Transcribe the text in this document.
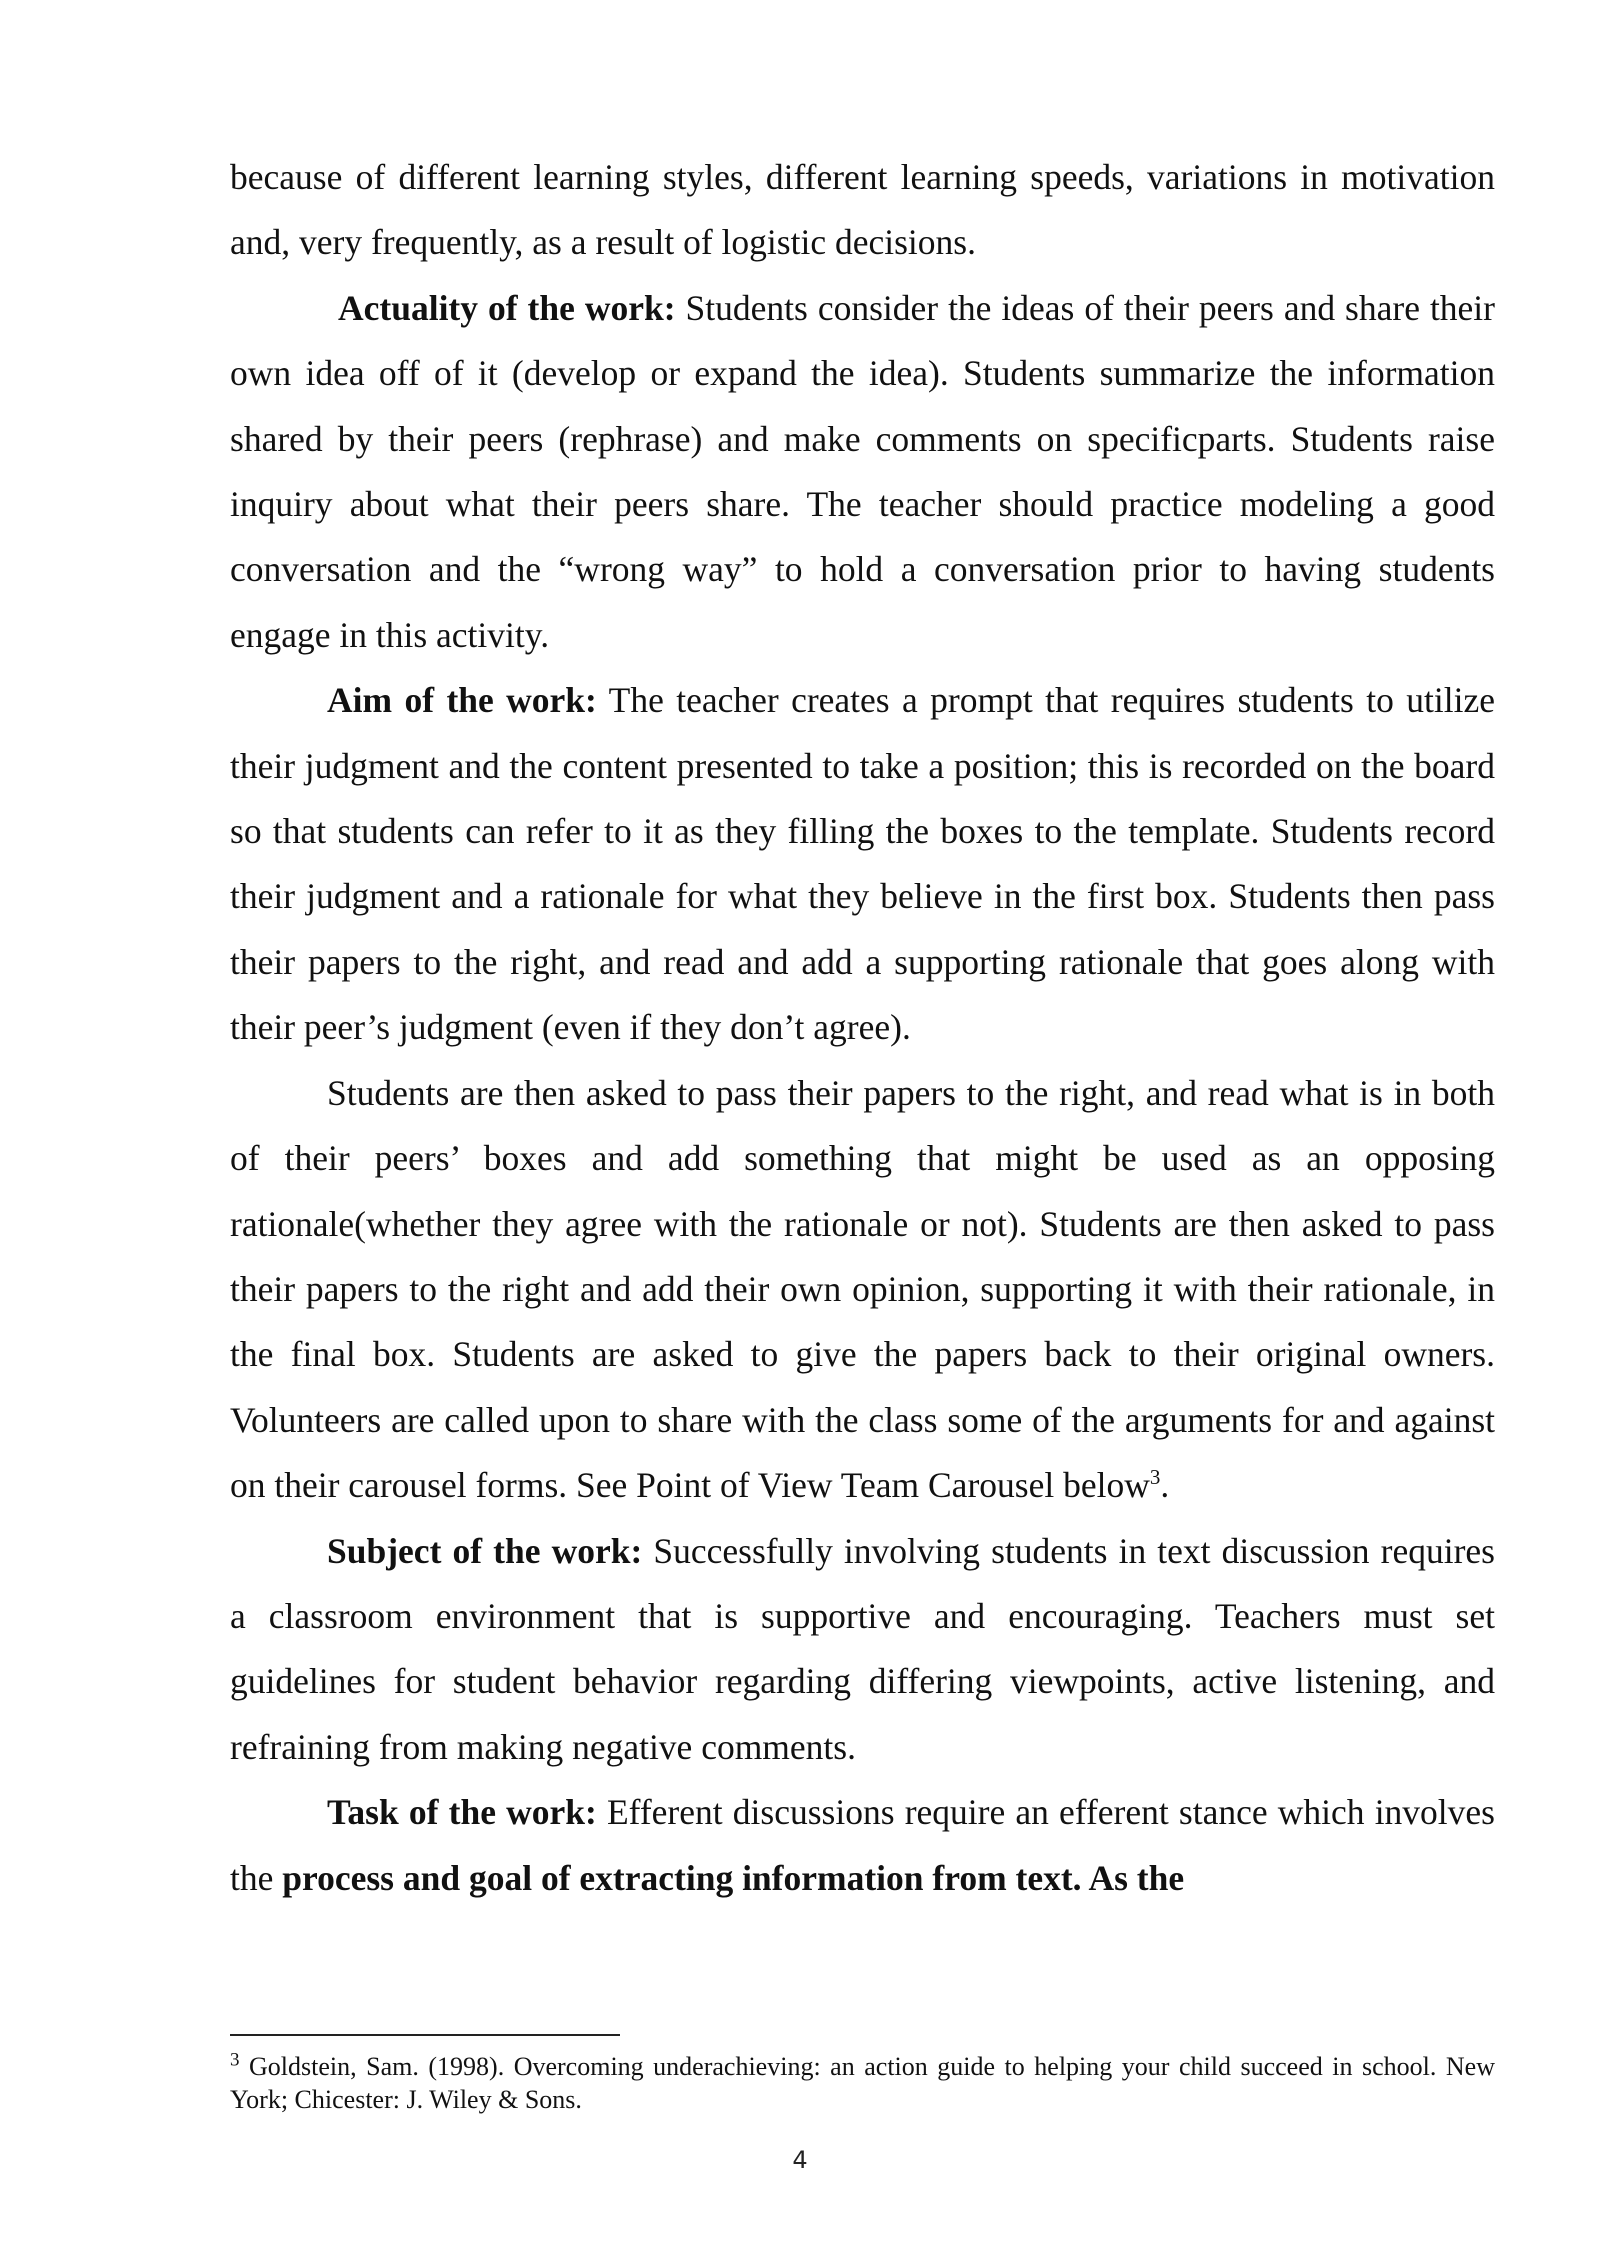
because of different learning styles, different learning speeds, variations in motivation and, very frequently, as a result of logistic decisions.

Actuality of the work: Students consider the ideas of their peers and share their own idea off of it (develop or expand the idea). Students summarize the information shared by their peers (rephrase) and make comments on specificparts. Students raise inquiry about what their peers share. The teacher should practice modeling a good conversation and the “wrong way” to hold a conversation prior to having students engage in this activity.

Aim of the work: The teacher creates a prompt that requires students to utilize their judgment and the content presented to take a position; this is recorded on the board so that students can refer to it as they filling the boxes to the template. Students record their judgment and a rationale for what they believe in the first box. Students then pass their papers to the right, and read and add a supporting rationale that goes along with their peer’s judgment (even if they don’t agree).

Students are then asked to pass their papers to the right, and read what is in both of their peers’ boxes and add something that might be used as an opposing rationale(whether they agree with the rationale or not). Students are then asked to pass their papers to the right and add their own opinion, supporting it with their rationale, in the final box. Students are asked to give the papers back to their original owners. Volunteers are called upon to share with the class some of the arguments for and against on their carousel forms. See Point of View Team Carousel below$^3$.

Subject of the work: Successfully involving students in text discussion requires a classroom environment that is supportive and encouraging. Teachers must set guidelines for student behavior regarding differing viewpoints, active listening, and refraining from making negative comments.

Task of the work: Efferent discussions require an efferent stance which involves the process and goal of extracting information from text. As the

$^3$ Goldstein, Sam. (1998). Overcoming underachieving: an action guide to helping your child succeed in school. New York; Chicester: J. Wiley & Sons.

4
